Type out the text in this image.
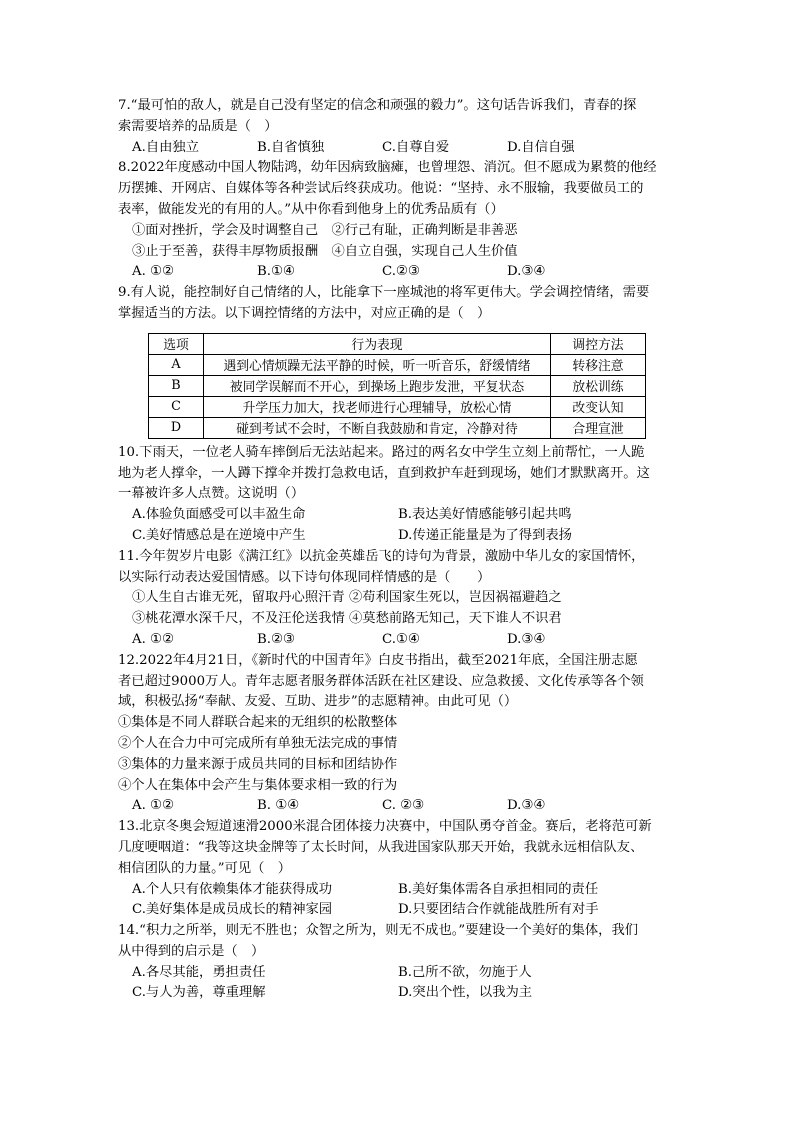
7.“最可怕的敌人，就是自己没有坚定的信念和顽强的毅力”。这句话告诉我们，青春的探
索需要培养的品质是（　）
A.自由独立	B.自省慎独	C.自尊自爱	D.自信自强
8.2022年度感动中国人物陆鸿，幼年因病致脑瘫，也曾埋怨、消沉。但不愿成为累赘的他经
历摆摊、开网店、自媒体等各种尝试后终获成功。他说：“坚持、永不服输，我要做员工的
表率，做能发光的有用的人。”从中你看到他身上的优秀品质有（）
①面对挫折，学会及时调整自己　②行己有耻，正确判断是非善恶
③止于至善，获得丰厚物质报酬　④自立自强，实现自己人生价值
A. ①②	B.①④	C.②③	D.③④
9.有人说，能控制好自己情绪的人，比能拿下一座城池的将军更伟大。学会调控情绪，需要
掌握适当的方法。以下调控情绪的方法中，对应正确的是（　）
选项	行为表现	调控方法
A	遇到心情烦躁无法平静的时候，听一听音乐，舒缓情绪	转移注意
B	被同学误解而不开心，到操场上跑步发泄，平复状态	放松训练
C	升学压力加大，找老师进行心理辅导，放松心情	改变认知
D	碰到考试不会时，不断自我鼓励和肯定，冷静对待	合理宣泄
10.下雨天，一位老人骑车摔倒后无法站起来。路过的两名女中学生立刻上前帮忙，一人跪
地为老人撑伞，一人蹲下撑伞并拨打急救电话，直到救护车赶到现场，她们才默默离开。这
一幕被许多人点赞。这说明（）
A.体验负面感受可以丰盈生命	B.表达美好情感能够引起共鸣
C.美好情感总是在逆境中产生	D.传递正能量是为了得到表扬
11.今年贺岁片电影《满江红》以抗金英雄岳飞的诗句为背景，激励中华儿女的家国情怀，
以实际行动表达爱国情感。以下诗句体现同样情感的是（　　）
①人生自古谁无死，留取丹心照汗青 ②苟利国家生死以，岂因祸福避趋之
③桃花潭水深千尺，不及汪伦送我情 ④莫愁前路无知己，天下谁人不识君
A. ①②	B.②③	C.①④	D.③④
12.2022年4月21日，《新时代的中国青年》白皮书指出，截至2021年底，全国注册志愿
者已超过9000万人。青年志愿者服务群体活跃在社区建设、应急救援、文化传承等各个领
域，积极弘扬“奉献、友爱、互助、进步”的志愿精神。由此可见（）
①集体是不同人群联合起来的无组织的松散整体
②个人在合力中可完成所有单独无法完成的事情
③集体的力量来源于成员共同的目标和团结协作
④个人在集体中会产生与集体要求相一致的行为
A. ①②	B. ①④	C. ②③	D.③④
13.北京冬奥会短道速滑2000米混合团体接力决赛中，中国队勇夺首金。赛后，老将范可新
几度哽咽道：“我等这块金牌等了太长时间，从我进国家队那天开始，我就永远相信队友、
相信团队的力量。”可见（　）
A.个人只有依赖集体才能获得成功	B.美好集体需各自承担相同的责任
C.美好集体是成员成长的精神家园	D.只要团结合作就能战胜所有对手
14.“积力之所举，则无不胜也；众智之所为，则无不成也。”要建设一个美好的集体，我们
从中得到的启示是（　）
A.各尽其能，勇担责任	B.己所不欲，勿施于人
C.与人为善，尊重理解	D.突出个性，以我为主
